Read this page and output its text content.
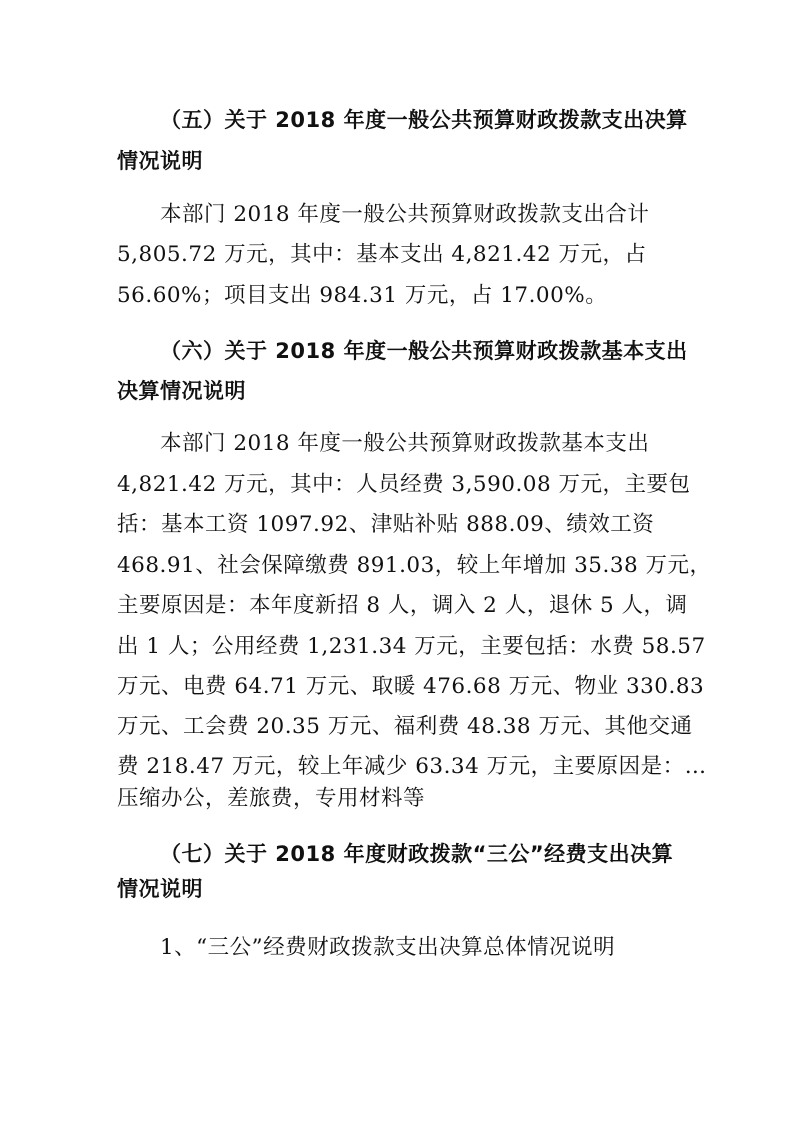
（五）关于 2018 年度一般公共预算财政拨款支出决算
情况说明
本部门 2018 年度一般公共预算财政拨款支出合计
5,805.72 万元，其中：基本支出 4,821.42 万元，占
56.60%；项目支出 984.31 万元，占 17.00%。
（六）关于 2018 年度一般公共预算财政拨款基本支出
决算情况说明
本部门 2018 年度一般公共预算财政拨款基本支出
4,821.42 万元，其中：人员经费 3,590.08 万元，主要包
括：基本工资 1097.92、津贴补贴 888.09、绩效工资
468.91、社会保障缴费 891.03，较上年增加 35.38 万元，
主要原因是：本年度新招 8 人，调入 2 人，退休 5 人，调
出 1 人；公用经费 1,231.34 万元，主要包括：水费 58.57
万元、电费 64.71 万元、取暖 476.68 万元、物业 330.83
万元、工会费 20.35 万元、福利费 48.38 万元、其他交通
费 218.47 万元，较上年减少 63.34 万元，主要原因是：…
压缩办公，差旅费，专用材料等
（七）关于 2018 年度财政拨款“三公”经费支出决算
情况说明
1、“三公”经费财政拨款支出决算总体情况说明
